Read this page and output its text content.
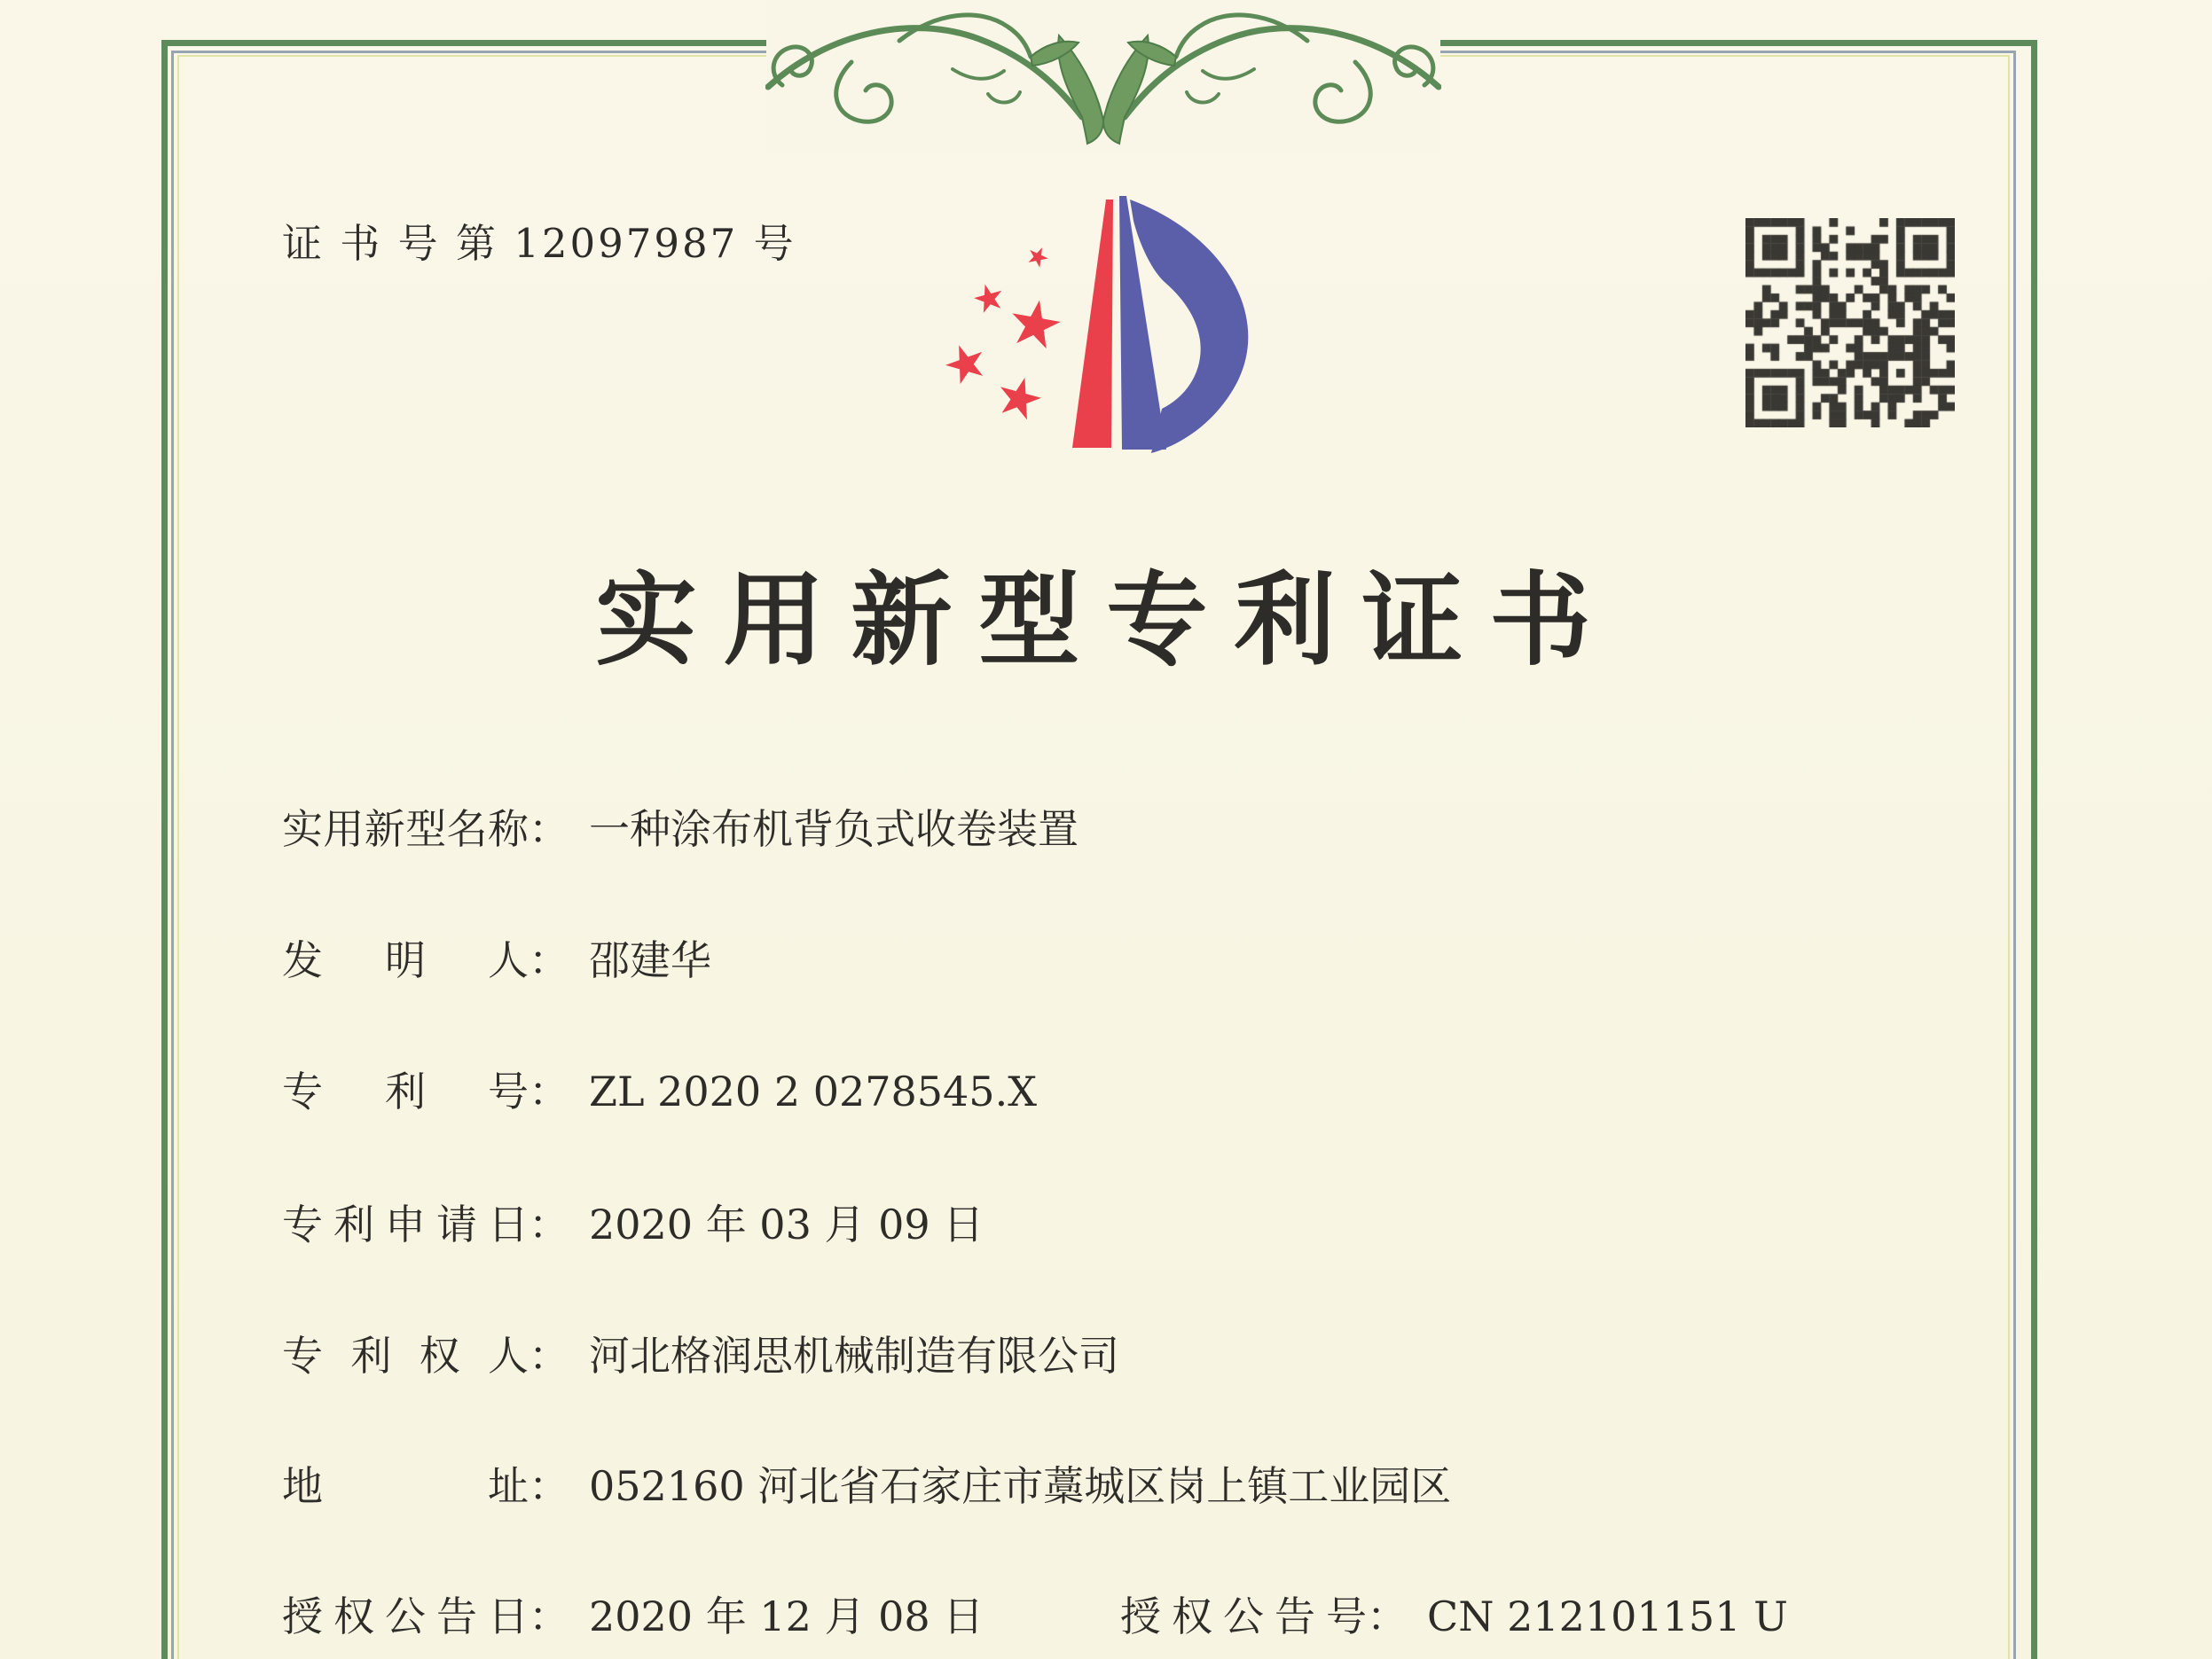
证 书 号 第 12097987 号
实用新型专利证书
实用新型名称： 一种涂布机背负式收卷装置
发明人： 邵建华
专利号： ZL 2020 2 0278545.X
专利申请日： 2020 年 03 月 09 日
专利权人： 河北格润思机械制造有限公司
地址： 052160 河北省石家庄市藁城区岗上镇工业园区
授权公告日： 2020 年 12 月 08 日	授权公告号： CN 212101151 U
